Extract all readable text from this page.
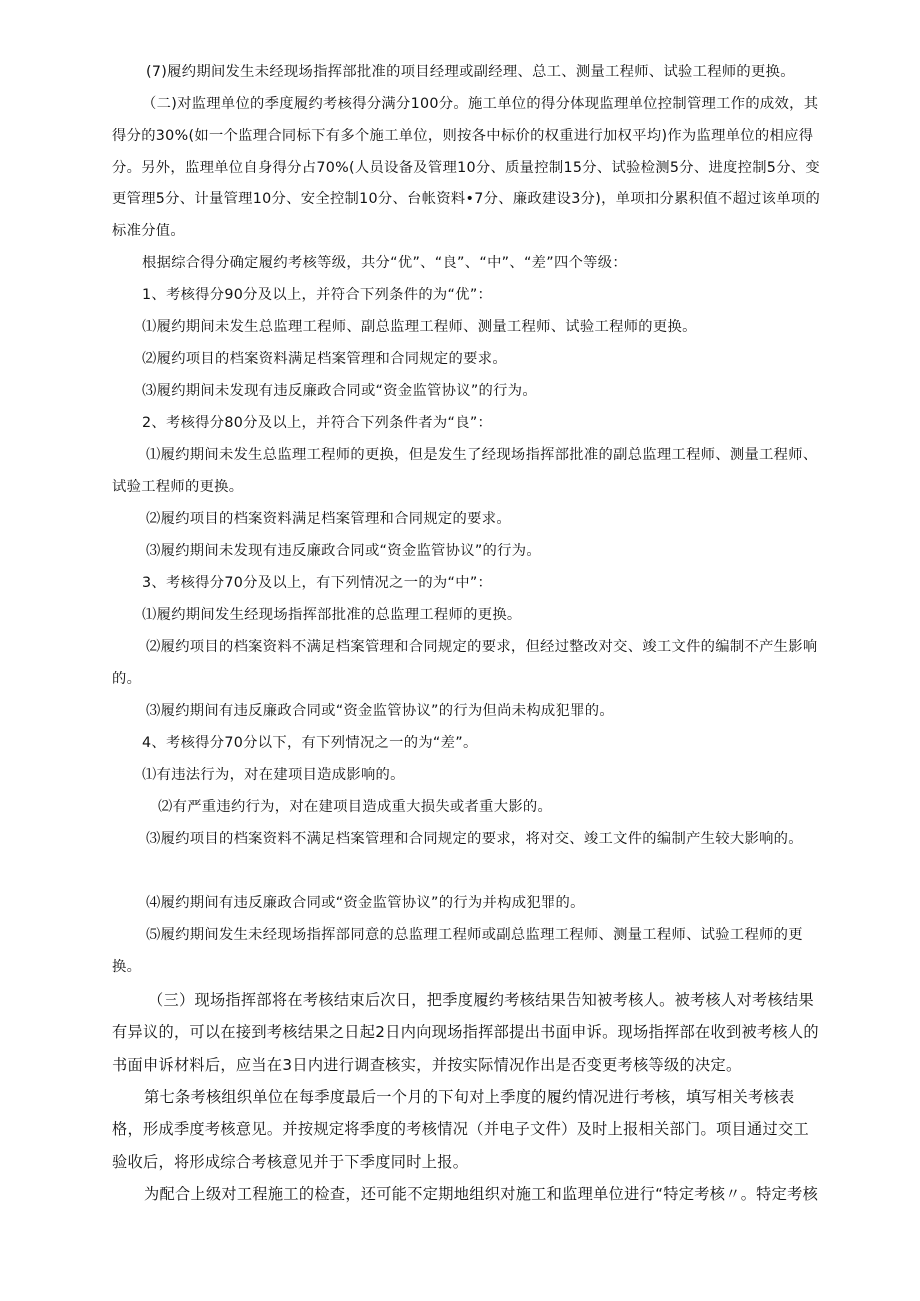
(7)履约期间发生未经现场指挥部批准的项目经理或副经理、总工、测量工程师、试验工程师的更换。

（二)对监理单位的季度履约考核得分满分100分。施工单位的得分体现监理单位控制管理工作的成效，其得分的30%(如一个监理合同标下有多个施工单位，则按各中标价的权重进行加权平均)作为监理单位的相应得分。另外，监理单位自身得分占70%(人员设备及管理10分、质量控制15分、试验检测5分、进度控制5分、变更管理5分、计量管理10分、安全控制10分、台帐资料•7分、廉政建设3分)，单项扣分累积值不超过该单项的标准分值。

根据综合得分确定履约考核等级，共分“优”、“良”、“中”、“差”四个等级：

1、考核得分90分及以上，并符合下列条件的为“优”：

⑴履约期间未发生总监理工程师、副总监理工程师、测量工程师、试验工程师的更换。

⑵履约项目的档案资料满足档案管理和合同规定的要求。

⑶履约期间未发现有违反廉政合同或“资金监管协议”的行为。

2、考核得分80分及以上，并符合下列条件者为“良”：

⑴履约期间未发生总监理工程师的更换，但是发生了经现场指挥部批准的副总监理工程师、测量工程师、试验工程师的更换。

⑵履约项目的档案资料满足档案管理和合同规定的要求。

⑶履约期间未发现有违反廉政合同或“资金监管协议”的行为。

3、考核得分70分及以上，有下列情况之一的为“中”：

⑴履约期间发生经现场指挥部批准的总监理工程师的更换。

⑵履约项目的档案资料不满足档案管理和合同规定的要求，但经过整改对交、竣工文件的编制不产生影响的。

⑶履约期间有违反廉政合同或“资金监管协议”的行为但尚未构成犯罪的。

4、考核得分70分以下，有下列情况之一的为“差”。

⑴有违法行为，对在建项目造成影响的。

⑵有严重违约行为，对在建项目造成重大损失或者重大影的。

⑶履约项目的档案资料不满足档案管理和合同规定的要求，将对交、竣工文件的编制产生较大影响的。

⑷履约期间有违反廉政合同或“资金监管协议”的行为并构成犯罪的。

⑸履约期间发生未经现场指挥部同意的总监理工程师或副总监理工程师、测量工程师、试验工程师的更换。

（三）现场指挥部将在考核结束后次日，把季度履约考核结果告知被考核人。被考核人对考核结果有异议的，可以在接到考核结果之日起2日内向现场指挥部提出书面申诉。现场指挥部在收到被考核人的书面申诉材料后，应当在3日内进行调查核实，并按实际情况作出是否变更考核等级的决定。

第七条考核组织单位在每季度最后一个月的下旬对上季度的履约情况进行考核，填写相关考核表格，形成季度考核意见。并按规定将季度的考核情况（并电子文件）及时上报相关部门。项目通过交工验收后，将形成综合考核意见并于下季度同时上报。

为配合上级对工程施工的检查，还可能不定期地组织对施工和监理单位进行“特定考核〃。特定考核
